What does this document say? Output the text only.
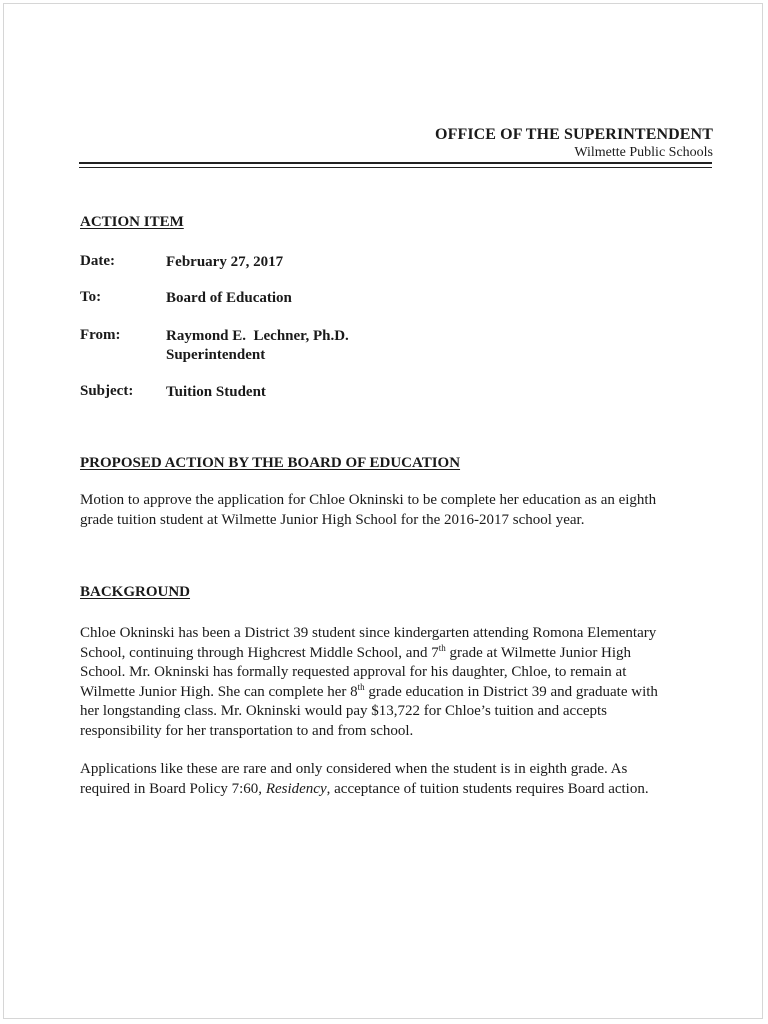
OFFICE OF THE SUPERINTENDENT

Wilmette Public Schools

ACTION ITEM

Date:	February 27, 2017

To:	Board of Education

From:	Raymond E.  Lechner, Ph.D.

Superintendent

Subject: Tuition Student

PROPOSED ACTION BY THE BOARD OF EDUCATION

Motion to approve the application for Chloe Okninski to be complete her education as an eighth grade tuition student at Wilmette Junior High School for the 2016-2017 school year.

BACKGROUND

Chloe Okninski has been a District 39 student since kindergarten attending Romona Elementary School, continuing through Highcrest Middle School, and 7th grade at Wilmette Junior High School. Mr. Okninski has formally requested approval for his daughter, Chloe, to remain at Wilmette Junior High. She can complete her 8th grade education in District 39 and graduate with her longstanding class. Mr. Okninski would pay $13,722 for Chloe’s tuition and accepts responsibility for her transportation to and from school.

Applications like these are rare and only considered when the student is in eighth grade. As required in Board Policy 7:60, Residency, acceptance of tuition students requires Board action.
